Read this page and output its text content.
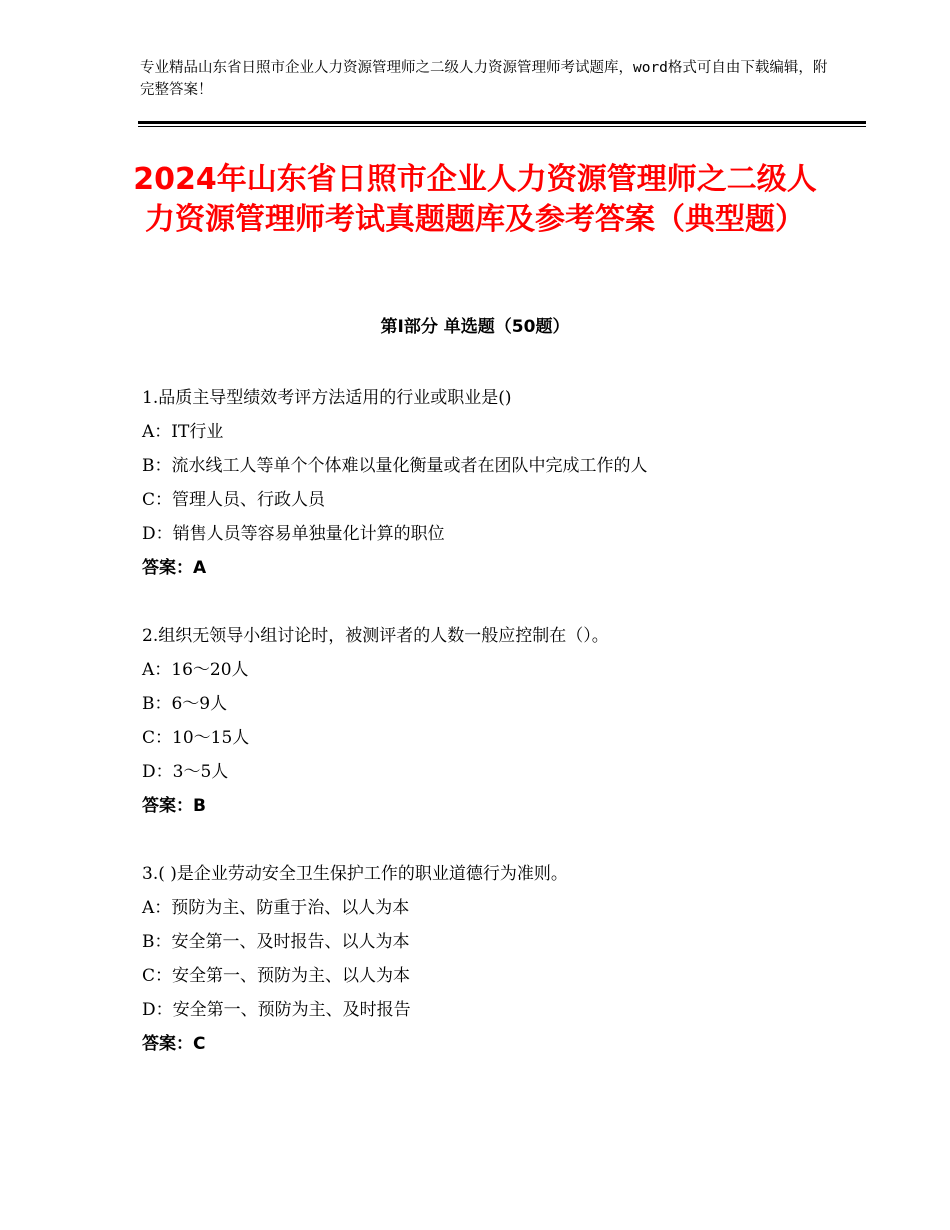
专业精品山东省日照市企业人力资源管理师之二级人力资源管理师考试题库，word格式可自由下载编辑，附完整答案！
2024年山东省日照市企业人力资源管理师之二级人力资源管理师考试真题题库及参考答案（典型题）
第Ⅰ部分 单选题（50题）
1.品质主导型绩效考评方法适用的行业或职业是()
A：IT行业
B：流水线工人等单个个体难以量化衡量或者在团队中完成工作的人
C：管理人员、行政人员
D：销售人员等容易单独量化计算的职位
答案：A
2.组织无领导小组讨论时，被测评者的人数一般应控制在（）。
A：16～20人
B：6～9人
C：10～15人
D：3～5人
答案：B
3.( )是企业劳动安全卫生保护工作的职业道德行为准则。
A：预防为主、防重于治、以人为本
B：安全第一、及时报告、以人为本
C：安全第一、预防为主、以人为本
D：安全第一、预防为主、及时报告
答案：C
